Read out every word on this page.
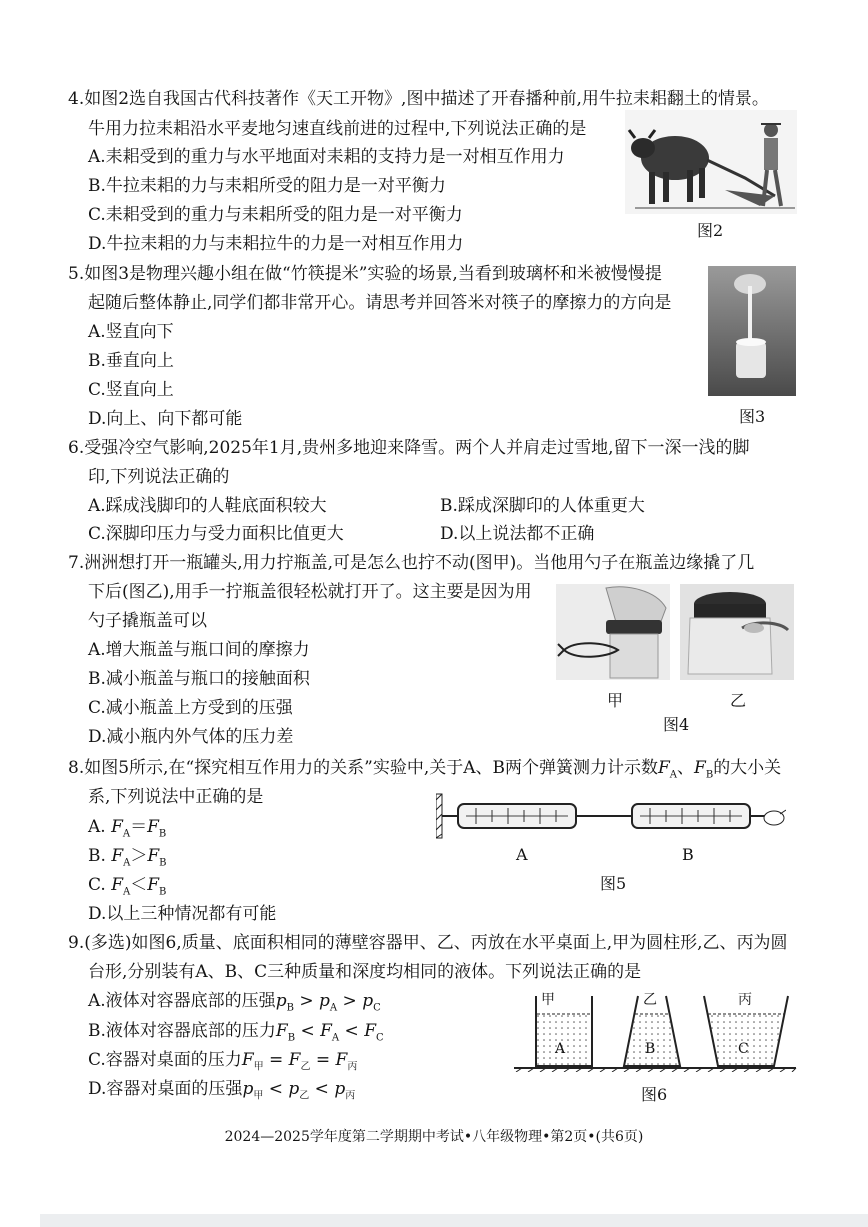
4.如图2选自我国古代科技著作《天工开物》,图中描述了开春播种前,用牛拉耒耜翻土的情景。
牛用力拉耒耜沿水平麦地匀速直线前进的过程中,下列说法正确的是
A.耒耜受到的重力与水平地面对耒耜的支持力是一对相互作用力
B.牛拉耒耜的力与耒耜所受的阻力是一对平衡力
C.耒耜受到的重力与耒耜所受的阻力是一对平衡力
D.牛拉耒耜的力与耒耜拉牛的力是一对相互作用力
图2
5.如图3是物理兴趣小组在做“竹筷提米”实验的场景,当看到玻璃杯和米被慢慢提
起随后整体静止,同学们都非常开心。请思考并回答米对筷子的摩擦力的方向是
A.竖直向下
B.垂直向上
C.竖直向上
D.向上、向下都可能	图3
6.受强冷空气影响,2025年1月,贵州多地迎来降雪。两个人并肩走过雪地,留下一深一浅的脚
印,下列说法正确的
A.踩成浅脚印的人鞋底面积较大	B.踩成深脚印的人体重更大
C.深脚印压力与受力面积比值更大	D.以上说法都不正确
7.洲洲想打开一瓶罐头,用力拧瓶盖,可是怎么也拧不动(图甲)。当他用勺子在瓶盖边缘撬了几
下后(图乙),用手一拧瓶盖很轻松就打开了。这主要是因为用
勺子撬瓶盖可以
A.增大瓶盖与瓶口间的摩擦力
B.减小瓶盖与瓶口的接触面积
C.减小瓶盖上方受到的压强
D.减小瓶内外气体的压力差
甲	乙
图4
8.如图5所示,在“探究相互作用力的关系”实验中,关于A、B两个弹簧测力计示数$F_A$、$F_B$的大小关
系,下列说法中正确的是
A. $F_A=F_B$
B. $F_A>F_B$
C. $F_A<F_B$
D.以上三种情况都有可能
A	B
图5
9.(多选)如图6,质量、底面积相同的薄壁容器甲、乙、丙放在水平桌面上,甲为圆柱形,乙、丙为圆
台形,分别装有A、B、C三种质量和深度均相同的液体。下列说法正确的是
A.液体对容器底部的压强$p_B > p_A > p_C$
B.液体对容器底部的压力$F_B < F_A < F_C$
C.容器对桌面的压力$F_甲 = F_乙 = F_丙$
D.容器对桌面的压强$p_甲 < p_乙 < p_丙$
甲	乙	丙
A	B	C
图6
2024—2025学年度第二学期期中考试•八年级物理•第2页•(共6页)
